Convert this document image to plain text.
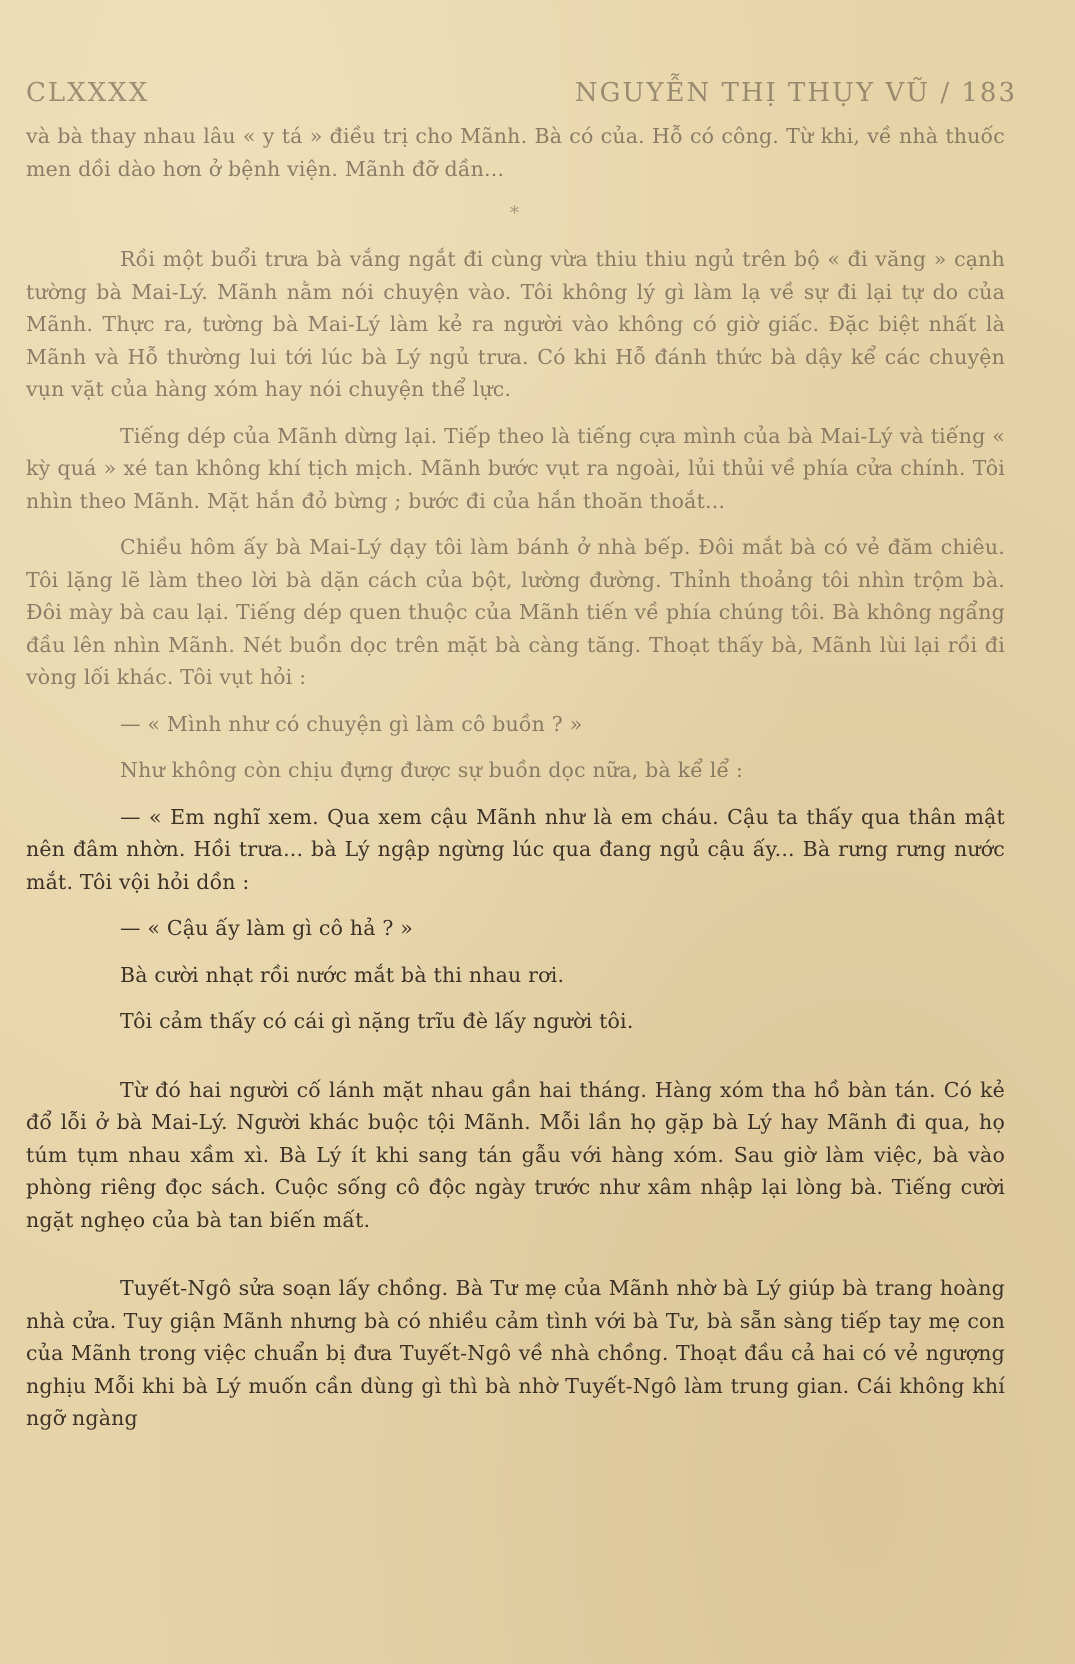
CLXXXX	NGUYỄN THỊ THỤY VŨ / 183

và bà thay nhau lâu « y tá » điều trị cho Mãnh. Bà có của. Hỗ có công. Từ khi, về nhà thuốc men dồi dào hơn ở bệnh viện. Mãnh đỡ dần...

*

Rồi một buổi trưa bà vắng ngắt đi cùng vừa thiu thiu ngủ trên bộ « đi văng » cạnh tường bà Mai-Lý. Mãnh nằm nói chuyện vào. Tôi không lý gì làm lạ về sự đi lại tự do của Mãnh. Thực ra, tường bà Mai-Lý làm kẻ ra người vào không có giờ giấc. Đặc biệt nhất là Mãnh và Hỗ thường lui tới lúc bà Lý ngủ trưa. Có khi Hỗ đánh thức bà dậy kể các chuyện vụn vặt của hàng xóm hay nói chuyện thể lực.

Tiếng dép của Mãnh dừng lại. Tiếp theo là tiếng cựa mình của bà Mai-Lý và tiếng « kỳ quá » xé tan không khí tịch mịch. Mãnh bước vụt ra ngoài, lủi thủi về phía cửa chính. Tôi nhìn theo Mãnh. Mặt hắn đỏ bừng ; bước đi của hắn thoăn thoắt...

Chiều hôm ấy bà Mai-Lý dạy tôi làm bánh ở nhà bếp. Đôi mắt bà có vẻ đăm chiêu. Tôi lặng lẽ làm theo lời bà dặn cách của bột, lường đường. Thỉnh thoảng tôi nhìn trộm bà. Đôi mày bà cau lại. Tiếng dép quen thuộc của Mãnh tiến về phía chúng tôi. Bà không ngẩng đầu lên nhìn Mãnh. Nét buồn dọc trên mặt bà càng tăng. Thoạt thấy bà, Mãnh lùi lại rồi đi vòng lối khác. Tôi vụt hỏi :

— « Mình như có chuyện gì làm cô buồn ? »

Như không còn chịu đựng được sự buồn dọc nữa, bà kể lể :

— « Em nghĩ xem. Qua xem cậu Mãnh như là em cháu. Cậu ta thấy qua thân mật nên đâm nhờn. Hồi trưa... bà Lý ngập ngừng lúc qua đang ngủ cậu ấy... Bà rưng rưng nước mắt. Tôi vội hỏi dồn :

— « Cậu ấy làm gì cô hả ? »

Bà cười nhạt rồi nước mắt bà thi nhau rơi.

Tôi cảm thấy có cái gì nặng trĩu đè lấy người tôi.

Từ đó hai người cố lánh mặt nhau gần hai tháng. Hàng xóm tha hồ bàn tán. Có kẻ đổ lỗi ở bà Mai-Lý. Người khác buộc tội Mãnh. Mỗi lần họ gặp bà Lý hay Mãnh đi qua, họ túm tụm nhau xầm xì. Bà Lý ít khi sang tán gẫu với hàng xóm. Sau giờ làm việc, bà vào phòng riêng đọc sách. Cuộc sống cô độc ngày trước như xâm nhập lại lòng bà. Tiếng cười ngặt nghẹo của bà tan biến mất.

Tuyết-Ngô sửa soạn lấy chồng. Bà Tư mẹ của Mãnh nhờ bà Lý giúp bà trang hoàng nhà cửa. Tuy giận Mãnh nhưng bà có nhiều cảm tình với bà Tư, bà sẵn sàng tiếp tay mẹ con của Mãnh trong việc chuẩn bị đưa Tuyết-Ngô về nhà chồng. Thoạt đầu cả hai có vẻ ngượng nghịu Mỗi khi bà Lý muốn cần dùng gì thì bà nhờ Tuyết-Ngô làm trung gian. Cái không khí ngỡ ngàng
